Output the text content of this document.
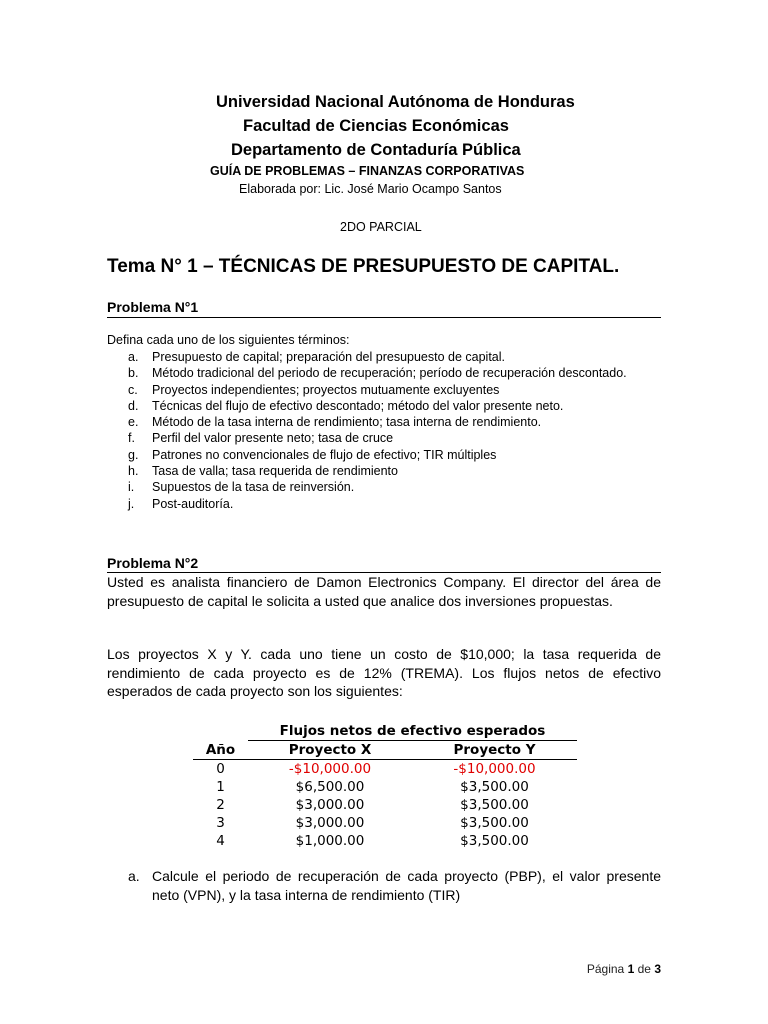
Universidad Nacional Autónoma de Honduras
Facultad de Ciencias Económicas
Departamento de Contaduría Pública
GUÍA DE PROBLEMAS – FINANZAS CORPORATIVAS
Elaborada por: Lic. José Mario Ocampo Santos
2DO PARCIAL
Tema N° 1 – TÉCNICAS DE PRESUPUESTO DE CAPITAL.
Problema N°1
Defina cada uno de los siguientes términos:
a. Presupuesto de capital; preparación del presupuesto de capital.
b. Método tradicional del periodo de recuperación; período de recuperación descontado.
c. Proyectos independientes; proyectos mutuamente excluyentes
d. Técnicas del flujo de efectivo descontado; método del valor presente neto.
e. Método de la tasa interna de rendimiento; tasa interna de rendimiento.
f. Perfil del valor presente neto; tasa de cruce
g. Patrones no convencionales de flujo de efectivo; TIR múltiples
h. Tasa de valla; tasa requerida de rendimiento
i. Supuestos de la tasa de reinversión.
j. Post-auditoría.
Problema N°2
Usted es analista financiero de Damon Electronics Company. El director del área de presupuesto de capital le solicita a usted que analice dos inversiones propuestas.
Los proyectos X y Y. cada uno tiene un costo de $10,000; la tasa requerida de rendimiento de cada proyecto es de 12% (TREMA). Los flujos netos de efectivo esperados de cada proyecto son los siguientes:
	Flujos netos de efectivo esperados	
Año	Proyecto X	Proyecto Y
0	-$10,000.00	-$10,000.00
1	$6,500.00	$3,500.00
2	$3,000.00	$3,500.00
3	$3,000.00	$3,500.00
4	$1,000.00	$3,500.00
a. Calcule el periodo de recuperación de cada proyecto (PBP), el valor presente neto (VPN), y la tasa interna de rendimiento (TIR)
Página 1 de 3
